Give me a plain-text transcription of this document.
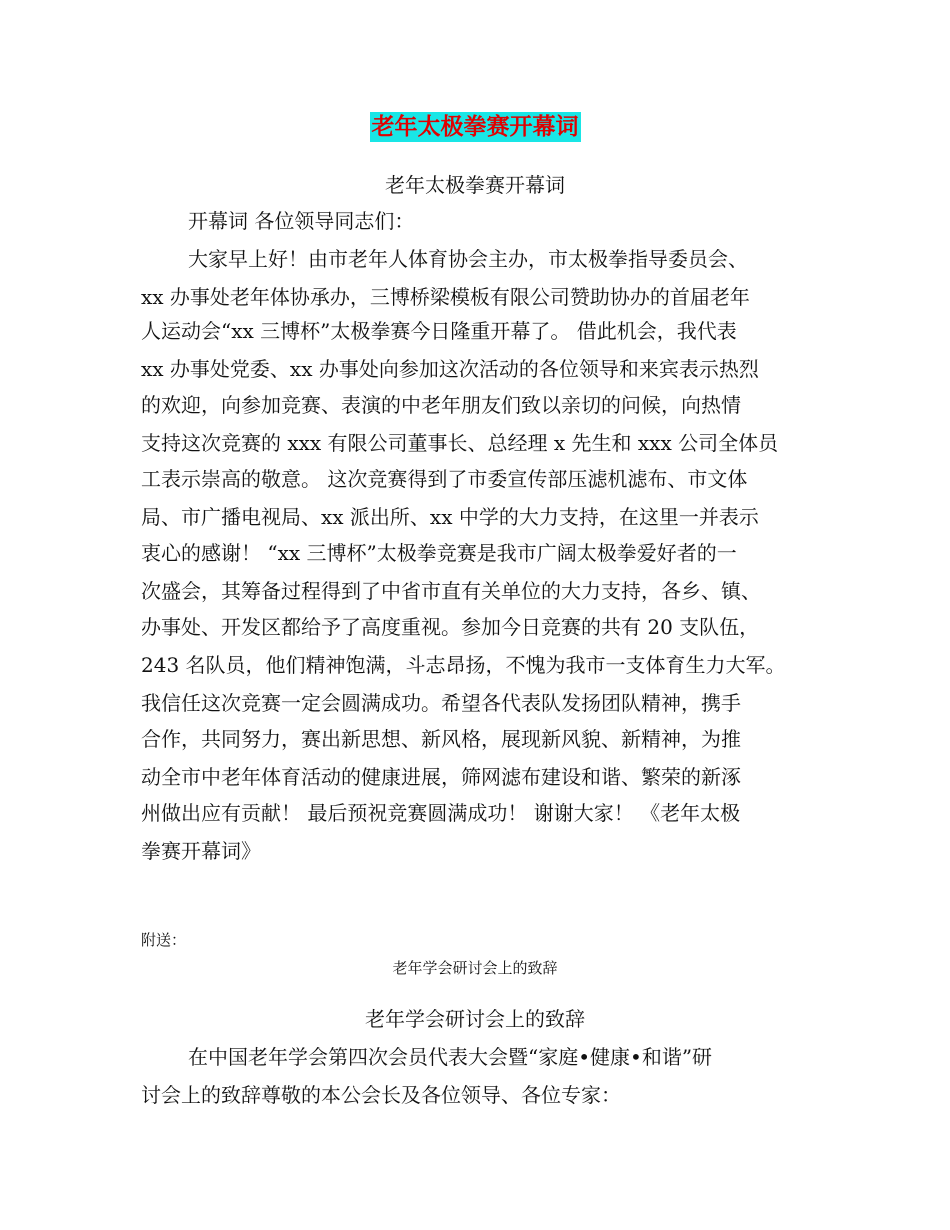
老年太极拳赛开幕词
老年太极拳赛开幕词
开幕词 各位领导同志们：
大家早上好！由市老年人体育协会主办，市太极拳指导委员会、
xx 办事处老年体协承办，三博桥梁模板有限公司赞助协办的首届老年
人运动会“xx 三博杯”太极拳赛今日隆重开幕了。 借此机会，我代表
xx 办事处党委、xx 办事处向参加这次活动的各位领导和来宾表示热烈
的欢迎，向参加竞赛、表演的中老年朋友们致以亲切的问候，向热情
支持这次竞赛的 xxx 有限公司董事长、总经理 x 先生和 xxx 公司全体员
工表示崇高的敬意。 这次竞赛得到了市委宣传部压滤机滤布、市文体
局、市广播电视局、xx 派出所、xx 中学的大力支持，在这里一并表示
衷心的感谢！ “xx 三博杯”太极拳竞赛是我市广阔太极拳爱好者的一
次盛会，其筹备过程得到了中省市直有关单位的大力支持，各乡、镇、
办事处、开发区都给予了高度重视。参加今日竞赛的共有 20 支队伍，
243 名队员，他们精神饱满，斗志昂扬，不愧为我市一支体育生力大军。
我信任这次竞赛一定会圆满成功。希望各代表队发扬团队精神，携手
合作，共同努力，赛出新思想、新风格，展现新风貌、新精神，为推
动全市中老年体育活动的健康进展，筛网滤布建设和谐、繁荣的新涿
州做出应有贡献！ 最后预祝竞赛圆满成功！ 谢谢大家！ 《老年太极
拳赛开幕词》
附送：
老年学会研讨会上的致辞
老年学会研讨会上的致辞
在中国老年学会第四次会员代表大会暨“家庭•健康•和谐”研
讨会上的致辞尊敬的本公会长及各位领导、各位专家：
